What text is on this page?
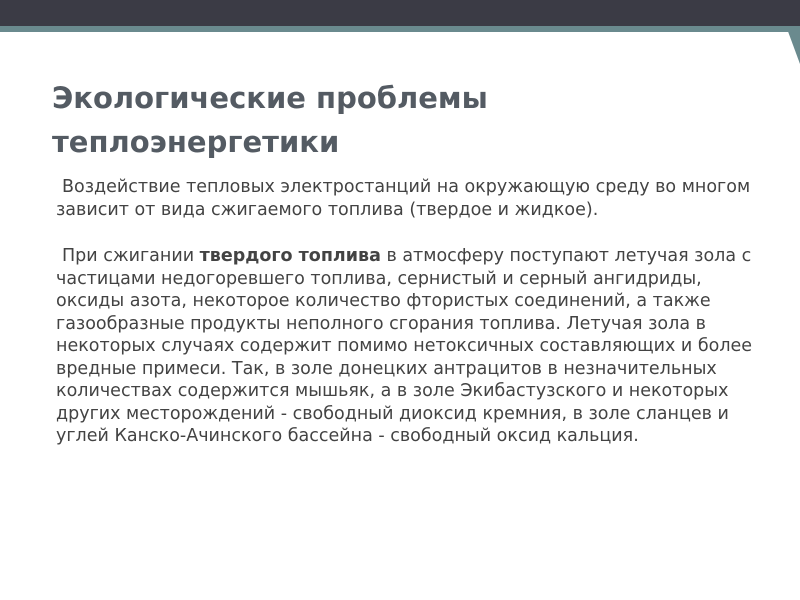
Экологические проблемы
теплоэнергетики

Воздействие тепловых электростанций на окружающую среду во многом зависит от вида сжигаемого топлива (твердое и жидкое).

При сжигании твердого топлива в атмосферу поступают летучая зола с частицами недогоревшего топлива, сернистый и серный ангидриды, оксиды азота, некоторое количество фтористых соединений, а также газообразные продукты неполного сгорания топлива. Летучая зола в некоторых случаях содержит помимо нетоксичных составляющих и более вредные примеси. Так, в золе донецких антрацитов в незначительных количествах содержится мышьяк, а в золе Экибастузского и некоторых других месторождений - свободный диоксид кремния, в золе сланцев и углей Канско-Ачинского бассейна - свободный оксид кальция.
